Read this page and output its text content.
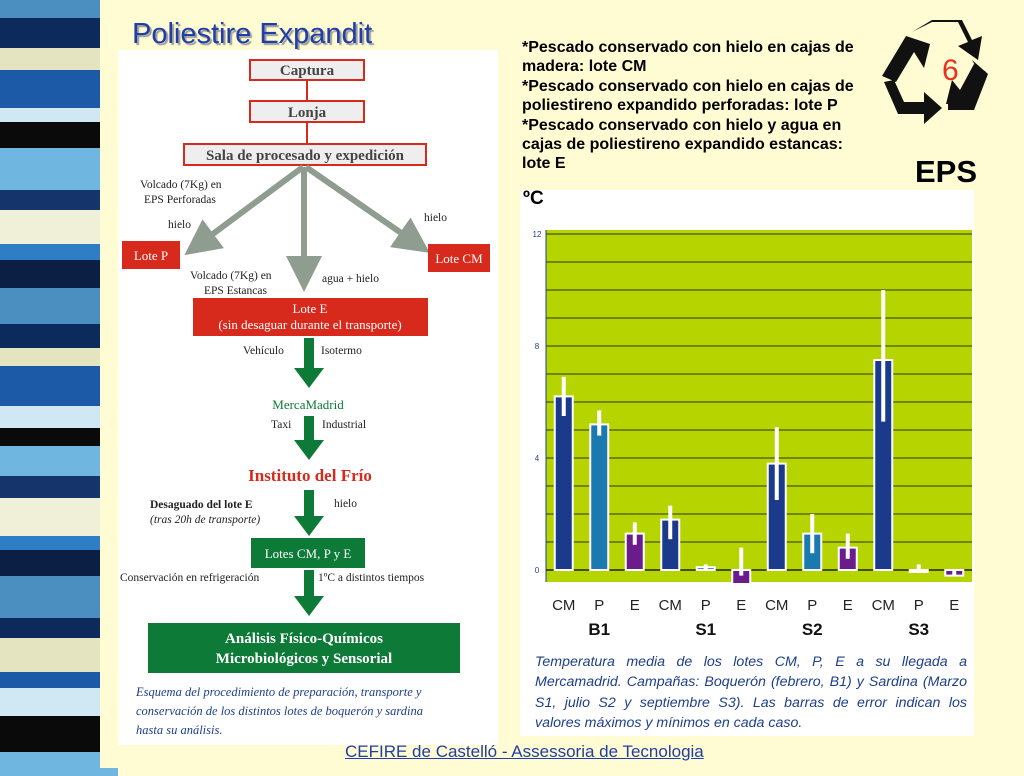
Poliestire Expandit
Captura
Lonja
Sala de procesado y expedición
Volcado (7Kg) en
EPS Perforadas
hielo
hielo
Lote P	Lote CM
Volcado (7Kg) en
EPS Estancas
agua + hielo
Lote E
(sin desaguar durante el transporte)
Vehículo	Isotermo
MercaMadrid
Taxi	Industrial
Instituto del Frío
Desaguado del lote E
(tras 20h de transporte)
hielo
Lotes CM, P y E
Conservación en refrigeración	1ºC a distintos tiempos
Análisis Físico-Químicos
Microbiológicos y Sensorial
Esquema del procedimiento de preparación, transporte y
conservación de los distintos lotes de boquerón y sardina
hasta su análisis.
*Pescado conservado con hielo en cajas de madera: lote CM
*Pescado conservado con hielo en cajas de poliestireno expandido perforadas: lote P
*Pescado conservado con hielo y agua en cajas de poliestireno expandido estancas: lote E
6
EPS
0
4
8
12
CM P E CM P E CM P E CM P E
B1	S1	S2	S3
ºC
Temperatura media de los lotes CM, P, E a su llegada a Mercamadrid. Campañas: Boquerón (febrero, B1) y Sardina (Marzo S1, julio S2 y septiembre S3). Las barras de error indican los valores máximos y mínimos en cada caso.
CEFIRE de Castelló - Assessoria de Tecnologia
